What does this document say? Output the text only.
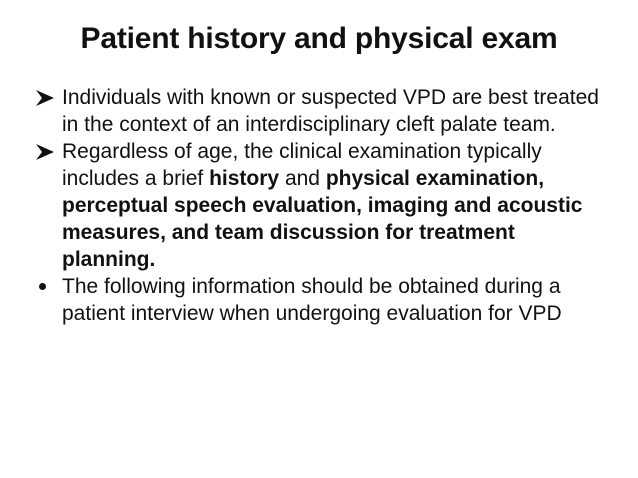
Patient history and physical exam
Individuals with known or suspected VPD are best treated in the context of an interdisciplinary cleft palate team.
Regardless of age, the clinical examination typically includes a brief history and physical examination, perceptual speech evaluation, imaging and acoustic measures, and team discussion for treatment planning.
The following information should be obtained during a patient interview when undergoing evaluation for VPD
